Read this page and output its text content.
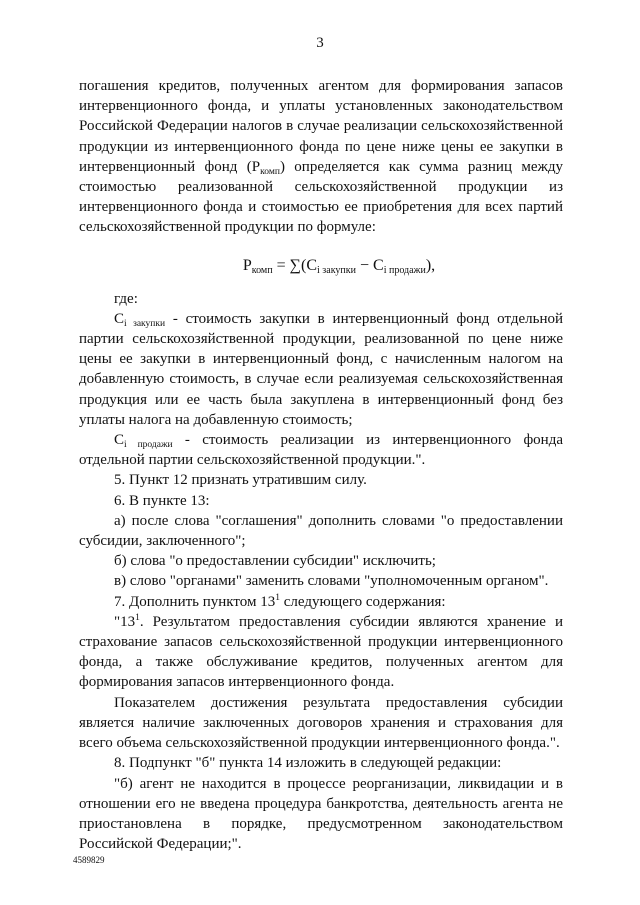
3

погашения кредитов, полученных агентом для формирования запасов интервенционного фонда, и уплаты установленных законодательством Российской Федерации налогов в случае реализации сельскохозяйственной продукции из интервенционного фонда по цене ниже цены ее закупки в интервенционный фонд $(Р_{комп})$ определяется как сумма разниц между стоимостью реализованной сельскохозяйственной продукции из интервенционного фонда и стоимостью ее приобретения для всех партий сельскохозяйственной продукции по формуле:

$Р_{комп} = \sum(С_{i закупки} - С_{i продажи})$,

где:

$С_{i закупки}$ - стоимость закупки в интервенционный фонд отдельной партии сельскохозяйственной продукции, реализованной по цене ниже цены ее закупки в интервенционный фонд, с начисленным налогом на добавленную стоимость, в случае если реализуемая сельскохозяйственная продукция или ее часть была закуплена в интервенционный фонд без уплаты налога на добавленную стоимость;

$С_{i продажи}$ - стоимость реализации из интервенционного фонда отдельной партии сельскохозяйственной продукции.".

5. Пункт 12 признать утратившим силу.

6. В пункте 13:

а) после слова "соглашения" дополнить словами "о предоставлении субсидии, заключенного";

б) слова "о предоставлении субсидии" исключить;

в) слово "органами" заменить словами "уполномоченным органом".

7. Дополнить пунктом $13^1$ следующего содержания:

"$13^1$. Результатом предоставления субсидии являются хранение и страхование запасов сельскохозяйственной продукции интервенционного фонда, а также обслуживание кредитов, полученных агентом для формирования запасов интервенционного фонда.

Показателем достижения результата предоставления субсидии является наличие заключенных договоров хранения и страхования для всего объема сельскохозяйственной продукции интервенционного фонда.".

8. Подпункт "б" пункта 14 изложить в следующей редакции:

"б) агент не находится в процессе реорганизации, ликвидации и в отношении его не введена процедура банкротства, деятельность агента не приостановлена в порядке, предусмотренном законодательством Российской Федерации;".

4589829
